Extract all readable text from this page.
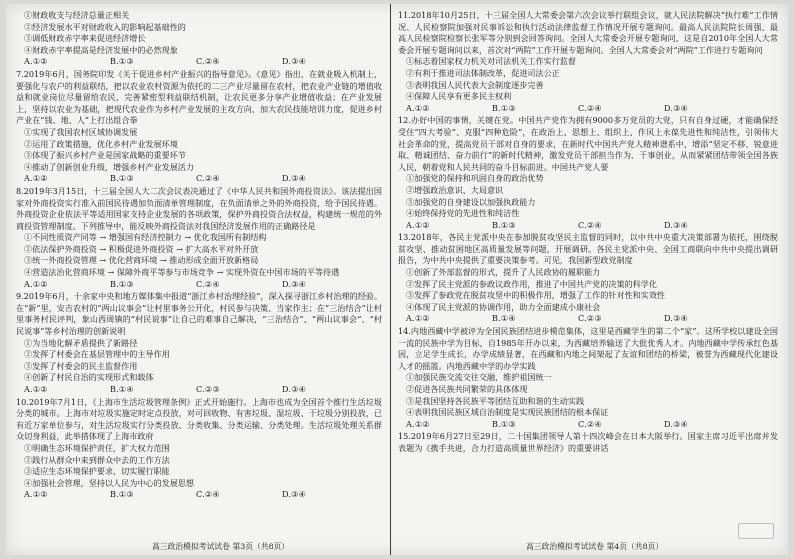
①财政收支与经济总量正相关
②经济发展水平对财政收入的影响起基础性的
③调低财政赤字率来促进经济增长
④财政赤字率提高是经济发展中的必然现象
A.①②	B.①③	C.②④	D.③④
7.2019年6月，国务院印发《关于促进乡村产业振兴的指导意见》。《意见》指出，在就业吸入机制上，要强化与农户的利益联结，把以农业农村资源为依托的二三产业尽量留在农村，把农业产业链的增值收益和就业岗位尽量留给农民，完善紧密型利益联结机制，让农民更多分享产业增值收益；在产业发展上，坚持以农业为基础，把现代农业作为乡村产业发展的主攻方向，加大农民技能培训力度，促进乡村产业在“钱、地、人”上打出组合拳
①实现了我国农村区域协调发展
②运用了政策措施，优化乡村产业发展环境
③体现了振兴乡村产业是国家战略的重要环节
④推动了创新创业升级，增强乡村产业发展活力
A.①②	B.①③	C.②④	D.③④
8.2019年3月15日，十三届全国人大二次会议表决通过了《中华人民共和国外商投资法》。该法提出国家对外商投资实行准入前国民待遇加负面清单管理制度，在负面清单之外的外商投资，给予国民待遇。外商投资企业依法平等适用国家支持企业发展的各项政策，保护外商投资合法权益，构建统一规范的外商投资管理制度。下列推导中，能反映外商投资法对我国经济发展作用的正确路径是
①不同性质资产同等 → 增强国有经济控制力 → 优化我国所有制结构
②依法保护外商投资 → 积极促进外商投资 → 扩大高水平对外开放
③统一外商投资管理 → 优化营商环境 → 推动形成全面开放新格局
④营造法治化营商环境 → 保障外商平等参与市场竞争 → 实现外资在中国市场的平等待遇
A.①②	B.①③	C.②④	D.③④
9.2019年6月，十余家中央和地方媒体集中报道“浙江乡村治理经验”，深入探寻浙江乡村治理的经验。在“新”里，安吉农村的“两山议事会”让村里事务公开化，村民参与决策、当家作主；在“三治结合”让村里事务村民评判，象山西周镇的“村民说事”让自己的难事自己解决，“三治结合”、“两山议事会”、“村民说事”等乡村治理的创新说明
①为当地化解矛盾提供了新路径
②发挥了村委会在基层管理中的主导作用
③发挥了村委会的民主监督作用
④创新了村民自治的实现形式和载体
A.①②	B.①④	C.②③	D.③④
10.2019年7月1日，《上海市生活垃圾管理条例》正式开始施行。上海市也成为全国首个推行生活垃圾分类的城市。上海市对垃圾实施定时定点投放，对可回收物、有害垃圾、湿垃圾、干垃圾分别投放，已有近万家单位参与，对生活垃圾实行分类投放、分类收集、分类运输、分类处理。生活垃圾处理关系群众切身利益，此举措体现了上海市政府
①明确生态环境保护责任，扩大权力范围
②践行从群众中来到群众中去的工作方法
③适应生态环境保护要求，切实履行职能
④加强社会管理，坚持以人民为中心的发展思想
A.①②	B.①③	C.②④	D.③④
11.2018年10月25日，十三届全国人大常委会第六次会议举行联组会议，就人民法院解决“执行难”工作情况、人民检察院加强对民事诉讼和执行活动法律监督工作情况开展专题询问。最高人民法院院长周强、最高人民检察院检察长张军等分别到会回答询问。全国人大常委会开展专题询问，这是自2010年全国人大常委会开展专题询问以来，首次对“两院”工作开展专题询问。全国人大常委会对“两院”工作进行专题询问
①标志着国家权力机关对司法机关工作实行监督
②有利于推进司法体制改革，促进司法公正
③表明我国人民代表大会制度逐步完善
④保障人民享有更多民主权利
A.①②	B.①③	C.②④	D.③④
12.办好中国的事情，关键在党。中国共产党作为拥有9000多万党员的大党，只有自身过硬，才能确保经受住“四大考验”、克服“四种危险”，在政治上、思想上、组织上、作风上永葆先进性和纯洁性，引领伟大社会革命的党，提高党员干部对自身的要求，在新时代中国共产党人精神谱系中，增添“坚定不移、锐意进取、精诚团结、奋力前行”的新时代精神，激发党员干部担当作为、干事创业，从而紧紧团结带领全国各族人民，朝着党和人民共同的奋斗目标前进。中国共产党人要
①加强党的保持和巩固自身的政治优势
②增强政治意识、大局意识
③加强党的自身建设以加强执政能力
④始终保持党的先进性和纯洁性
A.①②	B.①③	C.②④	D.③④
13.2018年，各民主党派中央在参加脱贫攻坚民主监督的同时，以中共中央重大决策部署为依托，围绕脱贫攻坚、推动贫困地区高质量发展等问题，开展调研。各民主党派中央、全国工商联向中共中央提出调研报告，为中共中央提供了重要决策参考。可见，我国新型政党制度
①创新了外部监督的形式，提升了人民政协的履职能力
②发挥了民主党派的参政议政作用，推进了中国共产党的决策的科学化
③发挥了参政党在脱贫攻坚中的积极作用，增强了工作的针对性和实效性
④体现了民主党派的协调作用，助力全面建成小康社会
A.①②	B.①④	C.②③	D.③④
14.内地西藏中学被评为全国民族团结进步模范集体，这里是西藏学生的第二个“家”。这所学校以建设全国一流的民族中学为目标，自1985年开办以来，为西藏培养输送了大批优秀人才。内地西藏中学传承红色基因，立足学生成长，办学成绩显著，在西藏和内地之间架起了友谊和团结的桥梁，被誉为西藏现代化建设人才的摇篮。内地西藏中学的办学实践
①加强民族交流交往交融，维护祖国统一
②促进各民族共同繁荣的具体体现
③是我国坚持各民族平等团结互助和谐的生动实践
④表明我国民族区域自治制度是实现民族团结的根本保证
A.①②	B.①③	C.②④	D.③④
15.2019年6月27日至29日，二十国集团领导人第十四次峰会在日本大阪举行。国家主席习近平出席并发表题为《携手共进，合力打造高质量世界经济》的重要讲话
高三政治模拟考试试卷 第3页（共8页）	高三政治模拟考试试卷 第4页（共8页）
